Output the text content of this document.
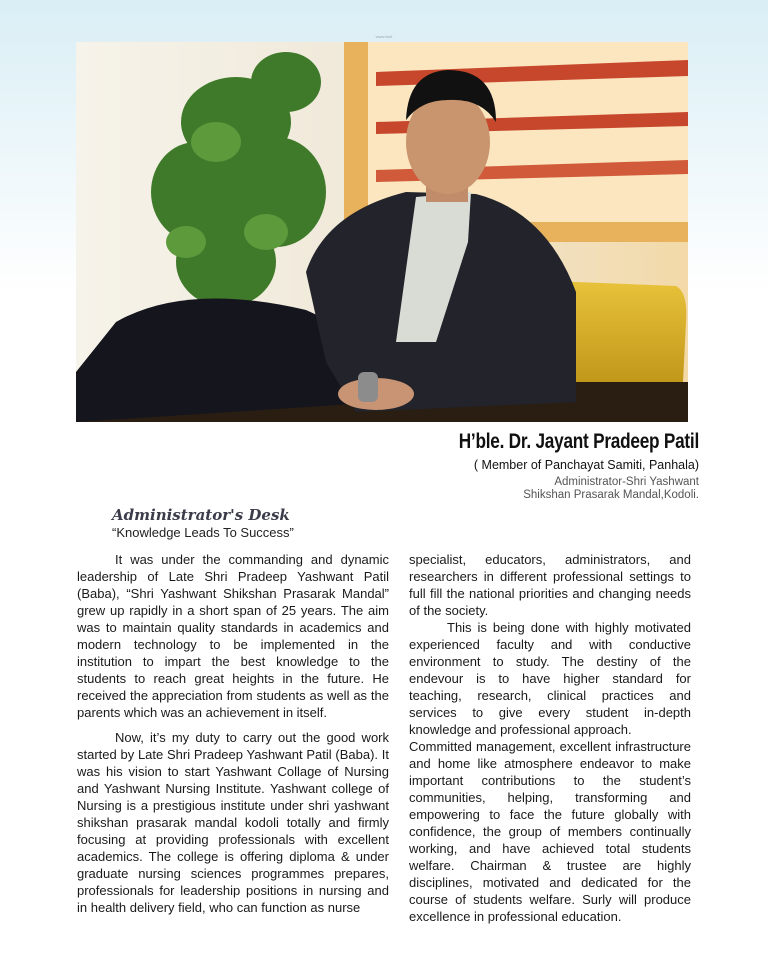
www.lsnit
H’ble. Dr. Jayant Pradeep Patil
( Member of Panchayat Samiti, Panhala)
Administrator-Shri Yashwant
Shikshan Prasarak Mandal,Kodoli.
Administrator's Desk
“Knowledge Leads To Success”

It was under the commanding and dynamic leadership of Late Shri Pradeep Yashwant Patil (Baba), “Shri Yashwant Shikshan Prasarak Mandal” grew up rapidly in a short span of 25 years. The aim was to maintain quality standards in academics and modern technology to be implemented in the institution to impart the best knowledge to the students to reach great heights in the future. He received the appreciation from students as well as the parents which was an achievement in itself.

Now, it’s my duty to carry out the good work started by Late Shri Pradeep Yashwant Patil (Baba). It was his vision to start Yashwant Collage of Nursing and Yashwant Nursing Institute. Yashwant college of Nursing is a prestigious institute under shri yashwant shikshan prasarak mandal kodoli totally and firmly focusing at providing professionals with excellent academics. The college is offering diploma & under graduate nursing sciences programmes prepares, professionals for leadership positions in nursing and in health delivery field, who can function as nurse

specialist, educators, administrators, and researchers in different professional settings to full fill the national priorities and changing needs of the society.

This is being done with highly motivated experienced faculty and with conductive environment to study. The destiny of the endevour is to have higher standard for teaching, research, clinical practices and services to give every student in-depth knowledge and professional approach.

Committed management, excellent infrastructure and home like atmosphere endeavor to make important contributions to the student’s communities, helping, transforming and empowering to face the future globally with confidence, the group of members continually working, and have achieved total students welfare. Chairman & trustee are highly disciplines, motivated and dedicated for the course of students welfare. Surly will produce excellence in professional education.
